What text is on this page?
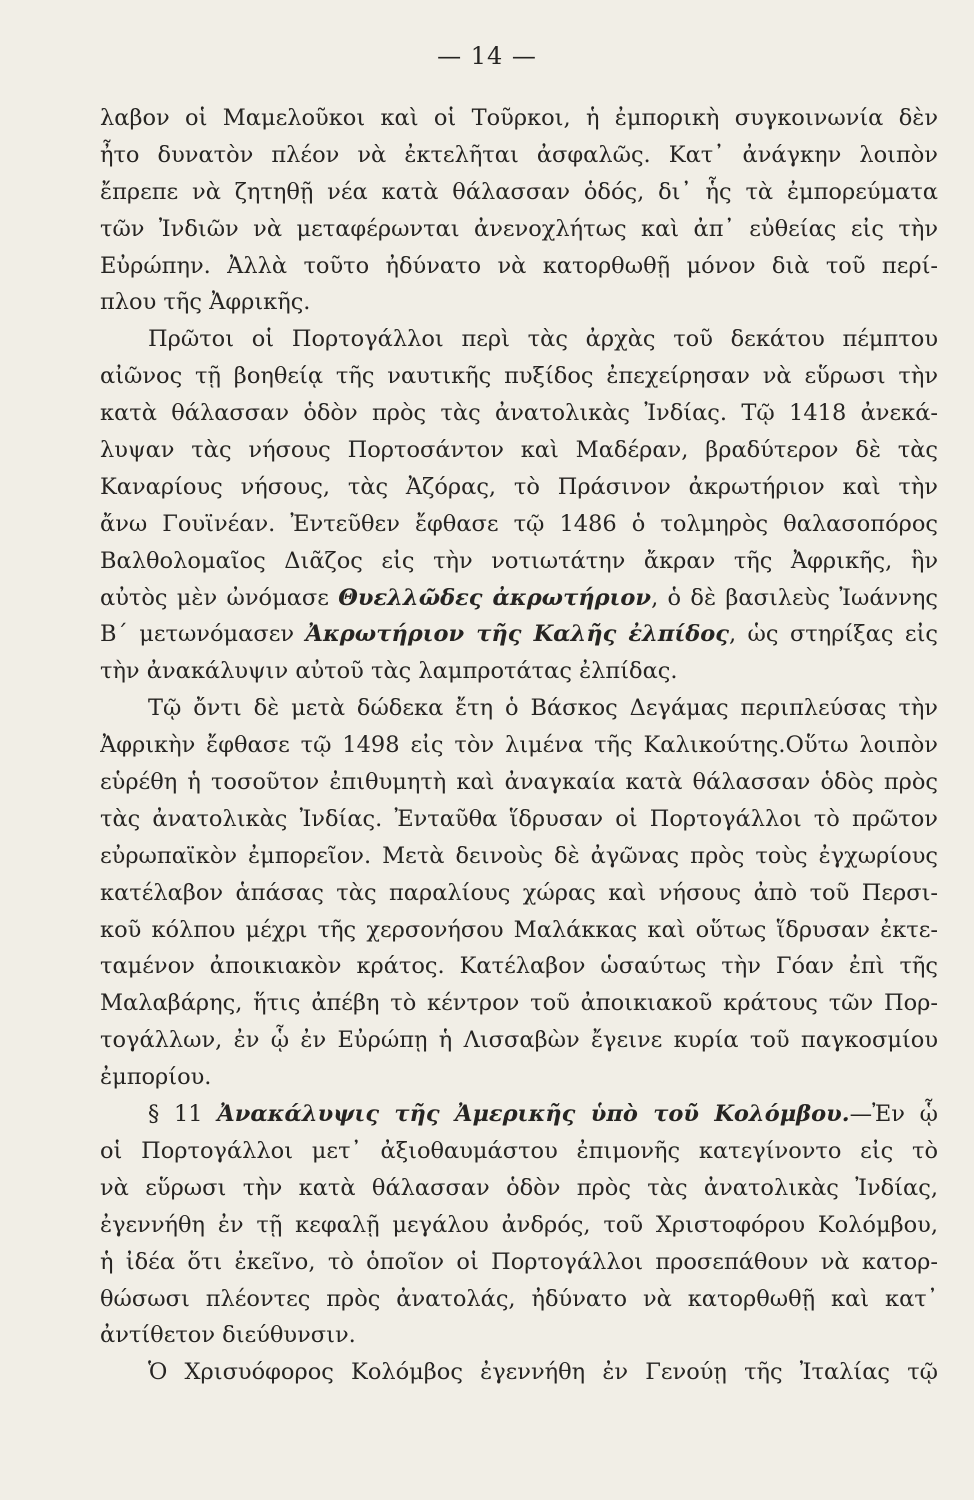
— 14 —
λαβον οἱ Μαμελοῦκοι καὶ οἱ Τοῦρκοι, ἡ ἐμπορικὴ συγκοινωνία δὲν
ἦτο δυνατὸν πλέον νὰ ἐκτελῆται ἀσφαλῶς. Κατ᾿ ἀνάγκην λοιπὸν
ἔπρεπε νὰ ζητηθῇ νέα κατὰ θάλασσαν ὁδός, δι᾿ ἧς τὰ ἐμπορεύματα
τῶν Ἰνδιῶν νὰ μεταφέρωνται ἀνενοχλήτως καὶ ἀπ᾿ εὐθείας εἰς τὴν
Εὐρώπην. Ἀλλὰ τοῦτο ἠδύνατο νὰ κατορθωθῇ μόνον διὰ τοῦ περί-
πλου τῆς Ἀφρικῆς.
Πρῶτοι οἱ Πορτογάλλοι περὶ τὰς ἀρχὰς τοῦ δεκάτου πέμπτου
αἰῶνος τῇ βοηθείᾳ τῆς ναυτικῆς πυξίδος ἐπεχείρησαν νὰ εὕρωσι τὴν
κατὰ θάλασσαν ὁδὸν πρὸς τὰς ἀνατολικὰς Ἰνδίας. Τῷ 1418 ἀνεκά-
λυψαν τὰς νήσους Πορτοσάντον καὶ Μαδέραν, βραδύτερον δὲ τὰς
Καναρίους νήσους, τὰς Ἀζόρας, τὸ Πράσινον ἀκρωτήριον καὶ τὴν
ἄνω Γουϊνέαν. Ἐντεῦθεν ἔφθασε τῷ 1486 ὁ τολμηρὸς θαλασοπόρος
Βαλθολομαῖος Διᾶζος εἰς τὴν νοτιωτάτην ἄκραν τῆς Ἀφρικῆς, ἣν
αὐτὸς μὲν ὠνόμασε Θυελλῶδες ἀκρωτήριον, ὁ δὲ βασιλεὺς Ἰωάννης
Β΄ μετωνόμασεν Ἀκρωτήριον τῆς Καλῆς ἐλπίδος, ὡς στηρίξας εἰς
τὴν ἀνακάλυψιν αὐτοῦ τὰς λαμπροτάτας ἐλπίδας.
Τῷ ὄντι δὲ μετὰ δώδεκα ἔτη ὁ Βάσκος Δεγάμας περιπλεύσας τὴν
Ἀφρικὴν ἔφθασε τῷ 1498 εἰς τὸν λιμένα τῆς Καλικούτης.Οὕτω λοιπὸν
εὑρέθη ἡ τοσοῦτον ἐπιθυμητὴ καὶ ἀναγκαία κατὰ θάλασσαν ὁδὸς πρὸς
τὰς ἀνατολικὰς Ἰνδίας. Ἐνταῦθα ἵδρυσαν οἱ Πορτογάλλοι τὸ πρῶτον
εὐρωπαϊκὸν ἐμπορεῖον. Μετὰ δεινοὺς δὲ ἀγῶνας πρὸς τοὺς ἐγχωρίους
κατέλαβον ἁπάσας τὰς παραλίους χώρας καὶ νήσους ἀπὸ τοῦ Περσι-
κοῦ κόλπου μέχρι τῆς χερσονήσου Μαλάκκας καὶ οὕτως ἵδρυσαν ἐκτε-
ταμένον ἀποικιακὸν κράτος. Κατέλαβον ὡσαύτως τὴν Γόαν ἐπὶ τῆς
Μαλαβάρης, ἥτις ἀπέβη τὸ κέντρον τοῦ ἀποικιακοῦ κράτους τῶν Πορ-
τογάλλων, ἐν ᾧ ἐν Εὐρώπῃ ἡ Λισσαβὼν ἔγεινε κυρία τοῦ παγκοσμίου
ἐμπορίου.
§ 11 Ἀνακάλυψις τῆς Ἀμερικῆς ὑπὸ τοῦ Κολόμβου.—Ἐν ᾧ
οἱ Πορτογάλλοι μετ᾿ ἀξιοθαυμάστου ἐπιμονῆς κατεγίνοντο εἰς τὸ
νὰ εὕρωσι τὴν κατὰ θάλασσαν ὁδὸν πρὸς τὰς ἀνατολικὰς Ἰνδίας,
ἐγεννήθη ἐν τῇ κεφαλῇ μεγάλου ἀνδρός, τοῦ Χριστοφόρου Κολόμβου,
ἡ ἰδέα ὅτι ἐκεῖνο, τὸ ὁποῖον οἱ Πορτογάλλοι προσεπάθουν νὰ κατορ-
θώσωσι πλέοντες πρὸς ἀνατολάς, ἠδύνατο νὰ κατορθωθῇ καὶ κατ᾿
ἀντίθετον διεύθυνσιν.
Ὁ Χρισυόφορος Κολόμβος ἐγεννήθη ἐν Γενούῃ τῆς Ἰταλίας τῷ
